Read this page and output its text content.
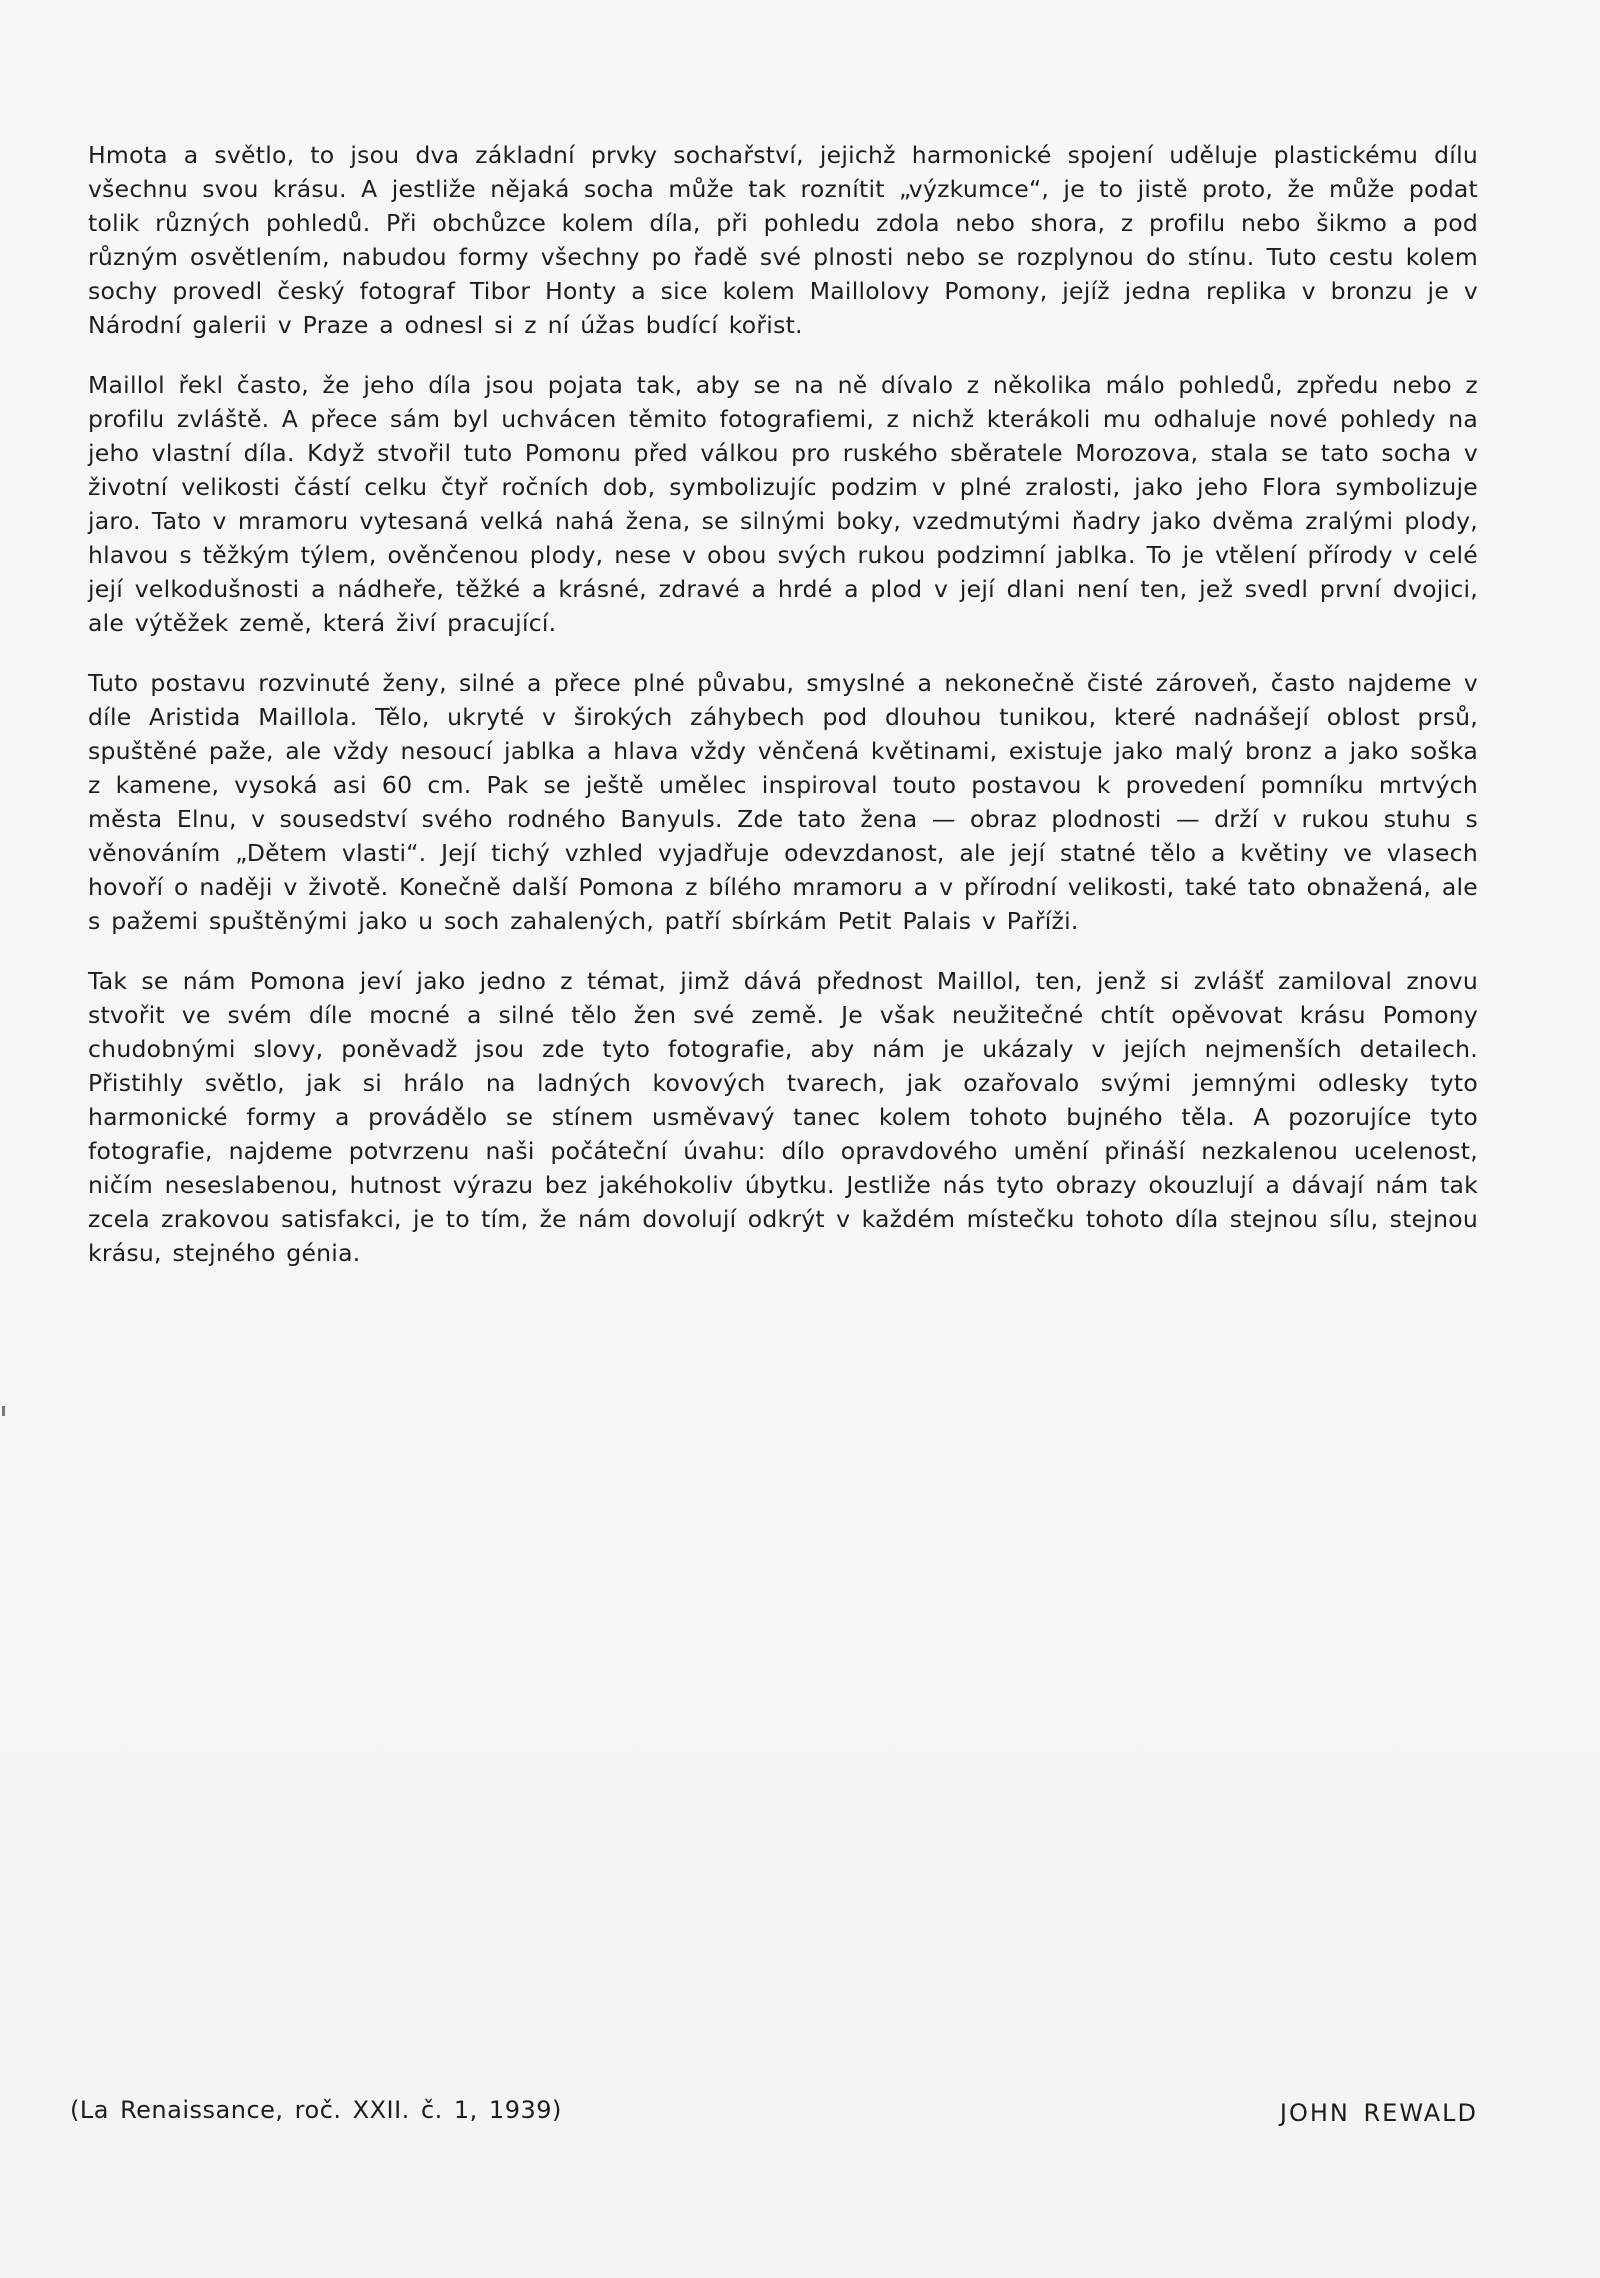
Hmota a světlo, to jsou dva základní prvky sochařství, jejichž harmonické spojení uděluje plastickému dílu všechnu svou krásu. A jestliže nějaká socha může tak roznítit „výzkumce“, je to jistě proto, že může podat tolik různých pohledů. Při obchůzce kolem díla, při pohledu zdola nebo shora, z profilu nebo šikmo a pod různým osvětlením, nabudou formy všechny po řadě své plnosti nebo se rozplynou do stínu. Tuto cestu kolem sochy provedl český fotograf Tibor Honty a sice kolem Maillolovy Pomony, jejíž jedna replika v bronzu je v Národní galerii v Praze a odnesl si z ní úžas budící kořist.

Maillol řekl často, že jeho díla jsou pojata tak, aby se na ně dívalo z několika málo pohledů, zpředu nebo z profilu zvláště. A přece sám byl uchvácen těmito fotografiemi, z nichž kterákoli mu odhaluje nové pohledy na jeho vlastní díla. Když stvořil tuto Pomonu před válkou pro ruského sběratele Morozova, stala se tato socha v životní velikosti částí celku čtyř ročních dob, symbolizujíc podzim v plné zralosti, jako jeho Flora symbolizuje jaro. Tato v mramoru vytesaná velká nahá žena, se silnými boky, vzedmutými ňadry jako dvěma zralými plody, hlavou s těžkým týlem, ověnčenou plody, nese v obou svých rukou podzimní jablka. To je vtělení přírody v celé její velkodušnosti a nádheře, těžké a krásné, zdravé a hrdé a plod v její dlani není ten, jež svedl první dvojici, ale výtěžek země, která živí pracující.

Tuto postavu rozvinuté ženy, silné a přece plné půvabu, smyslné a nekonečně čisté zároveň, často najdeme v díle Aristida Maillola. Tělo, ukryté v širokých záhybech pod dlouhou tunikou, které nadnášejí oblost prsů, spuštěné paže, ale vždy nesoucí jablka a hlava vždy věnčená květinami, existuje jako malý bronz a jako soška z kamene, vysoká asi 60 cm. Pak se ještě umělec inspiroval touto postavou k provedení pomníku mrtvých města Elnu, v sousedství svého rodného Banyuls. Zde tato žena — obraz plodnosti — drží v rukou stuhu s věnováním „Dětem vlasti“. Její tichý vzhled vyjadřuje odevzdanost, ale její statné tělo a květiny ve vlasech hovoří o naději v životě. Konečně další Pomona z bílého mramoru a v přírodní velikosti, také tato obnažená, ale s pažemi spuštěnými jako u soch zahalených, patří sbírkám Petit Palais v Paříži.

Tak se nám Pomona jeví jako jedno z témat, jimž dává přednost Maillol, ten, jenž si zvlášť zamiloval znovu stvořit ve svém díle mocné a silné tělo žen své země. Je však neužitečné chtít opěvovat krásu Pomony chudobnými slovy, poněvadž jsou zde tyto fotografie, aby nám je ukázaly v jejích nejmenších detailech. Přistihly světlo, jak si hrálo na ladných kovových tvarech, jak ozařovalo svými jemnými odlesky tyto harmonické formy a provádělo se stínem usměvavý tanec kolem tohoto bujného těla. A pozorujíce tyto fotografie, najdeme potvrzenu naši počáteční úvahu: dílo opravdového umění přináší nezkalenou ucelenost, ničím neseslabenou, hutnost výrazu bez jakéhokoliv úbytku. Jestliže nás tyto obrazy okouzlují a dávají nám tak zcela zrakovou satisfakci, je to tím, že nám dovolují odkrýt v každém místečku tohoto díla stejnou sílu, stejnou krásu, stejného génia.

(La Renaissance, roč. XXII. č. 1, 1939)	JOHN REWALD
